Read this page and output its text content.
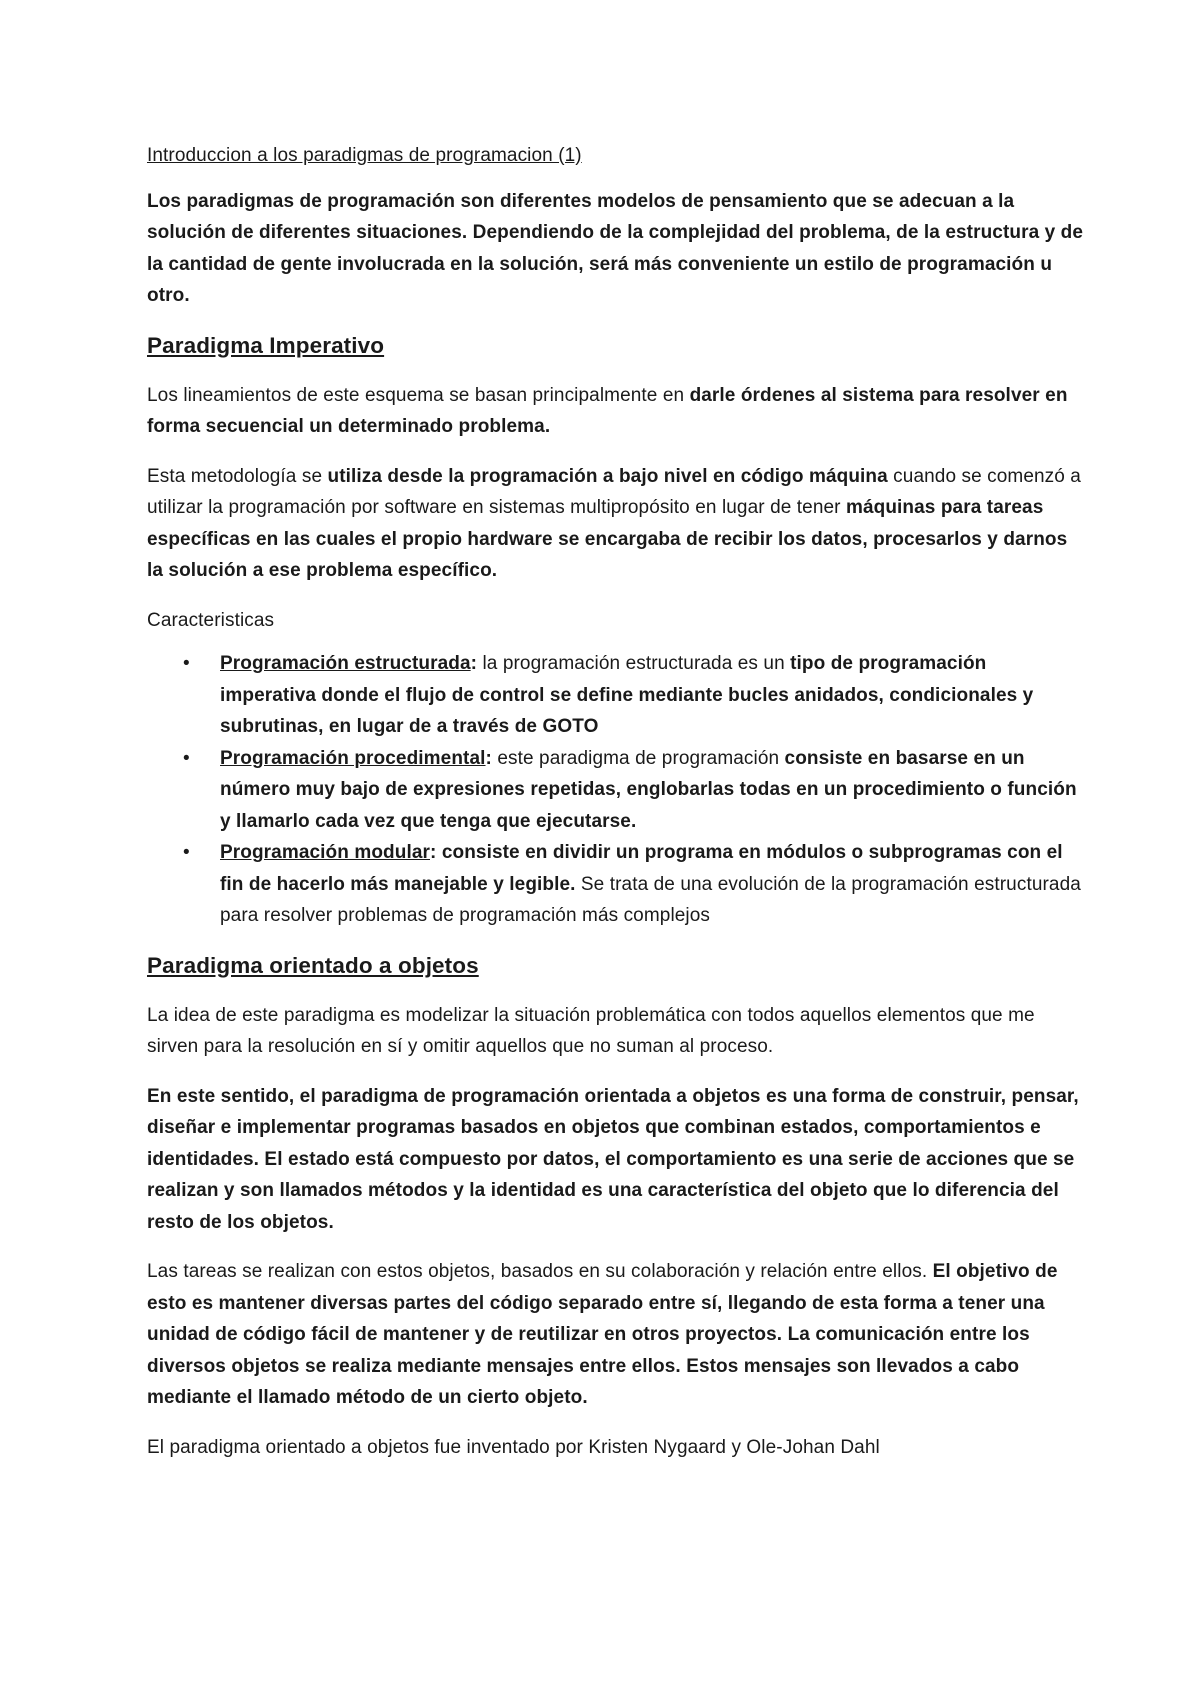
Introduccion a los paradigmas de programacion (1)

Los paradigmas de programación son diferentes modelos de pensamiento que se adecuan a la solución de diferentes situaciones. Dependiendo de la complejidad del problema, de la estructura y de la cantidad de gente involucrada en la solución, será más conveniente un estilo de programación u otro.

Paradigma Imperativo

Los lineamientos de este esquema se basan principalmente en darle órdenes al sistema para resolver en forma secuencial un determinado problema.

Esta metodología se utiliza desde la programación a bajo nivel en código máquina cuando se comenzó a utilizar la programación por software en sistemas multipropósito en lugar de tener máquinas para tareas específicas en las cuales el propio hardware se encargaba de recibir los datos, procesarlos y darnos la solución a ese problema específico.

Caracteristicas

• Programación estructurada: la programación estructurada es un tipo de programación imperativa donde el flujo de control se define mediante bucles anidados, condicionales y subrutinas, en lugar de a través de GOTO
• Programación procedimental: este paradigma de programación consiste en basarse en un número muy bajo de expresiones repetidas, englobarlas todas en un procedimiento o función y llamarlo cada vez que tenga que ejecutarse.
• Programación modular: consiste en dividir un programa en módulos o subprogramas con el fin de hacerlo más manejable y legible. Se trata de una evolución de la programación estructurada para resolver problemas de programación más complejos
Paradigma orientado a objetos

La idea de este paradigma es modelizar la situación problemática con todos aquellos elementos que me sirven para la resolución en sí y omitir aquellos que no suman al proceso.

En este sentido, el paradigma de programación orientada a objetos es una forma de construir, pensar, diseñar e implementar programas basados en objetos que combinan estados, comportamientos e identidades. El estado está compuesto por datos, el comportamiento es una serie de acciones que se realizan y son llamados métodos y la identidad es una característica del objeto que lo diferencia del resto de los objetos.

Las tareas se realizan con estos objetos, basados en su colaboración y relación entre ellos. El objetivo de esto es mantener diversas partes del código separado entre sí, llegando de esta forma a tener una unidad de código fácil de mantener y de reutilizar en otros proyectos. La comunicación entre los diversos objetos se realiza mediante mensajes entre ellos. Estos mensajes son llevados a cabo mediante el llamado método de un cierto objeto.

El paradigma orientado a objetos fue inventado por Kristen Nygaard y Ole-Johan Dahl
